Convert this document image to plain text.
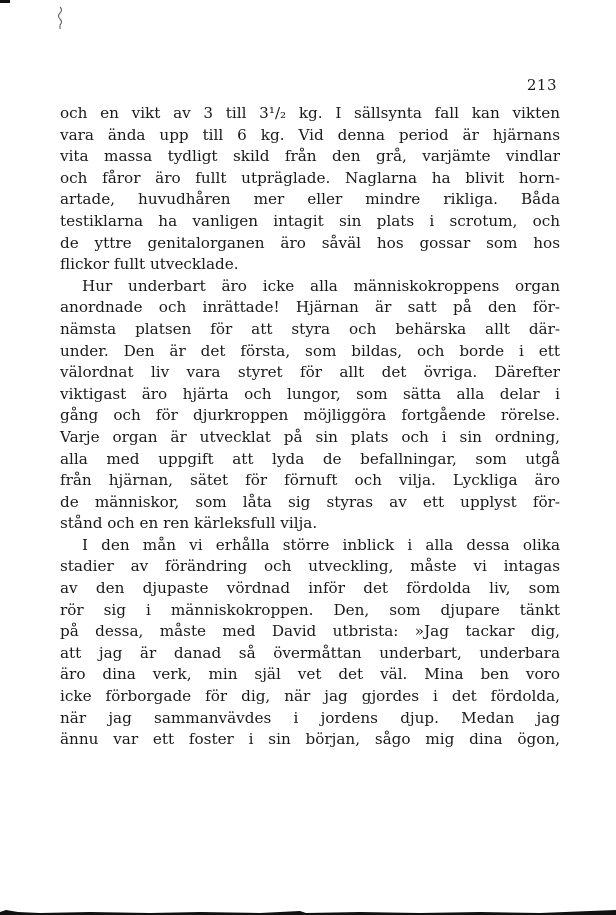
213
och en vikt av 3 till 3¹/₂ kg. I sällsynta fall kan vikten
vara ända upp till 6 kg. Vid denna period är hjärnans
vita massa tydligt skild från den grå, varjämte vindlar
och fåror äro fullt utpräglade. Naglarna ha blivit horn-
artade, huvudhåren mer eller mindre rikliga. Båda
testiklarna ha vanligen intagit sin plats i scrotum, och
de yttre genitalorganen äro såväl hos gossar som hos
flickor fullt utvecklade.
Hur underbart äro icke alla människokroppens organ
anordnade och inrättade! Hjärnan är satt på den för-
nämsta platsen för att styra och behärska allt där-
under. Den är det första, som bildas, och borde i ett
välordnat liv vara styret för allt det övriga. Därefter
viktigast äro hjärta och lungor, som sätta alla delar i
gång och för djurkroppen möjliggöra fortgående rörelse.
Varje organ är utvecklat på sin plats och i sin ordning,
alla med uppgift att lyda de befallningar, som utgå
från hjärnan, sätet för förnuft och vilja. Lyckliga äro
de människor, som låta sig styras av ett upplyst för-
stånd och en ren kärleksfull vilja.
I den mån vi erhålla större inblick i alla dessa olika
stadier av förändring och utveckling, måste vi intagas
av den djupaste vördnad inför det fördolda liv, som
rör sig i människokroppen. Den, som djupare tänkt
på dessa, måste med David utbrista: »Jag tackar dig,
att jag är danad så övermåttan underbart, underbara
äro dina verk, min själ vet det väl. Mina ben voro
icke förborgade för dig, när jag gjordes i det fördolda,
när jag sammanvävdes i jordens djup. Medan jag
ännu var ett foster i sin början, sågo mig dina ögon,
